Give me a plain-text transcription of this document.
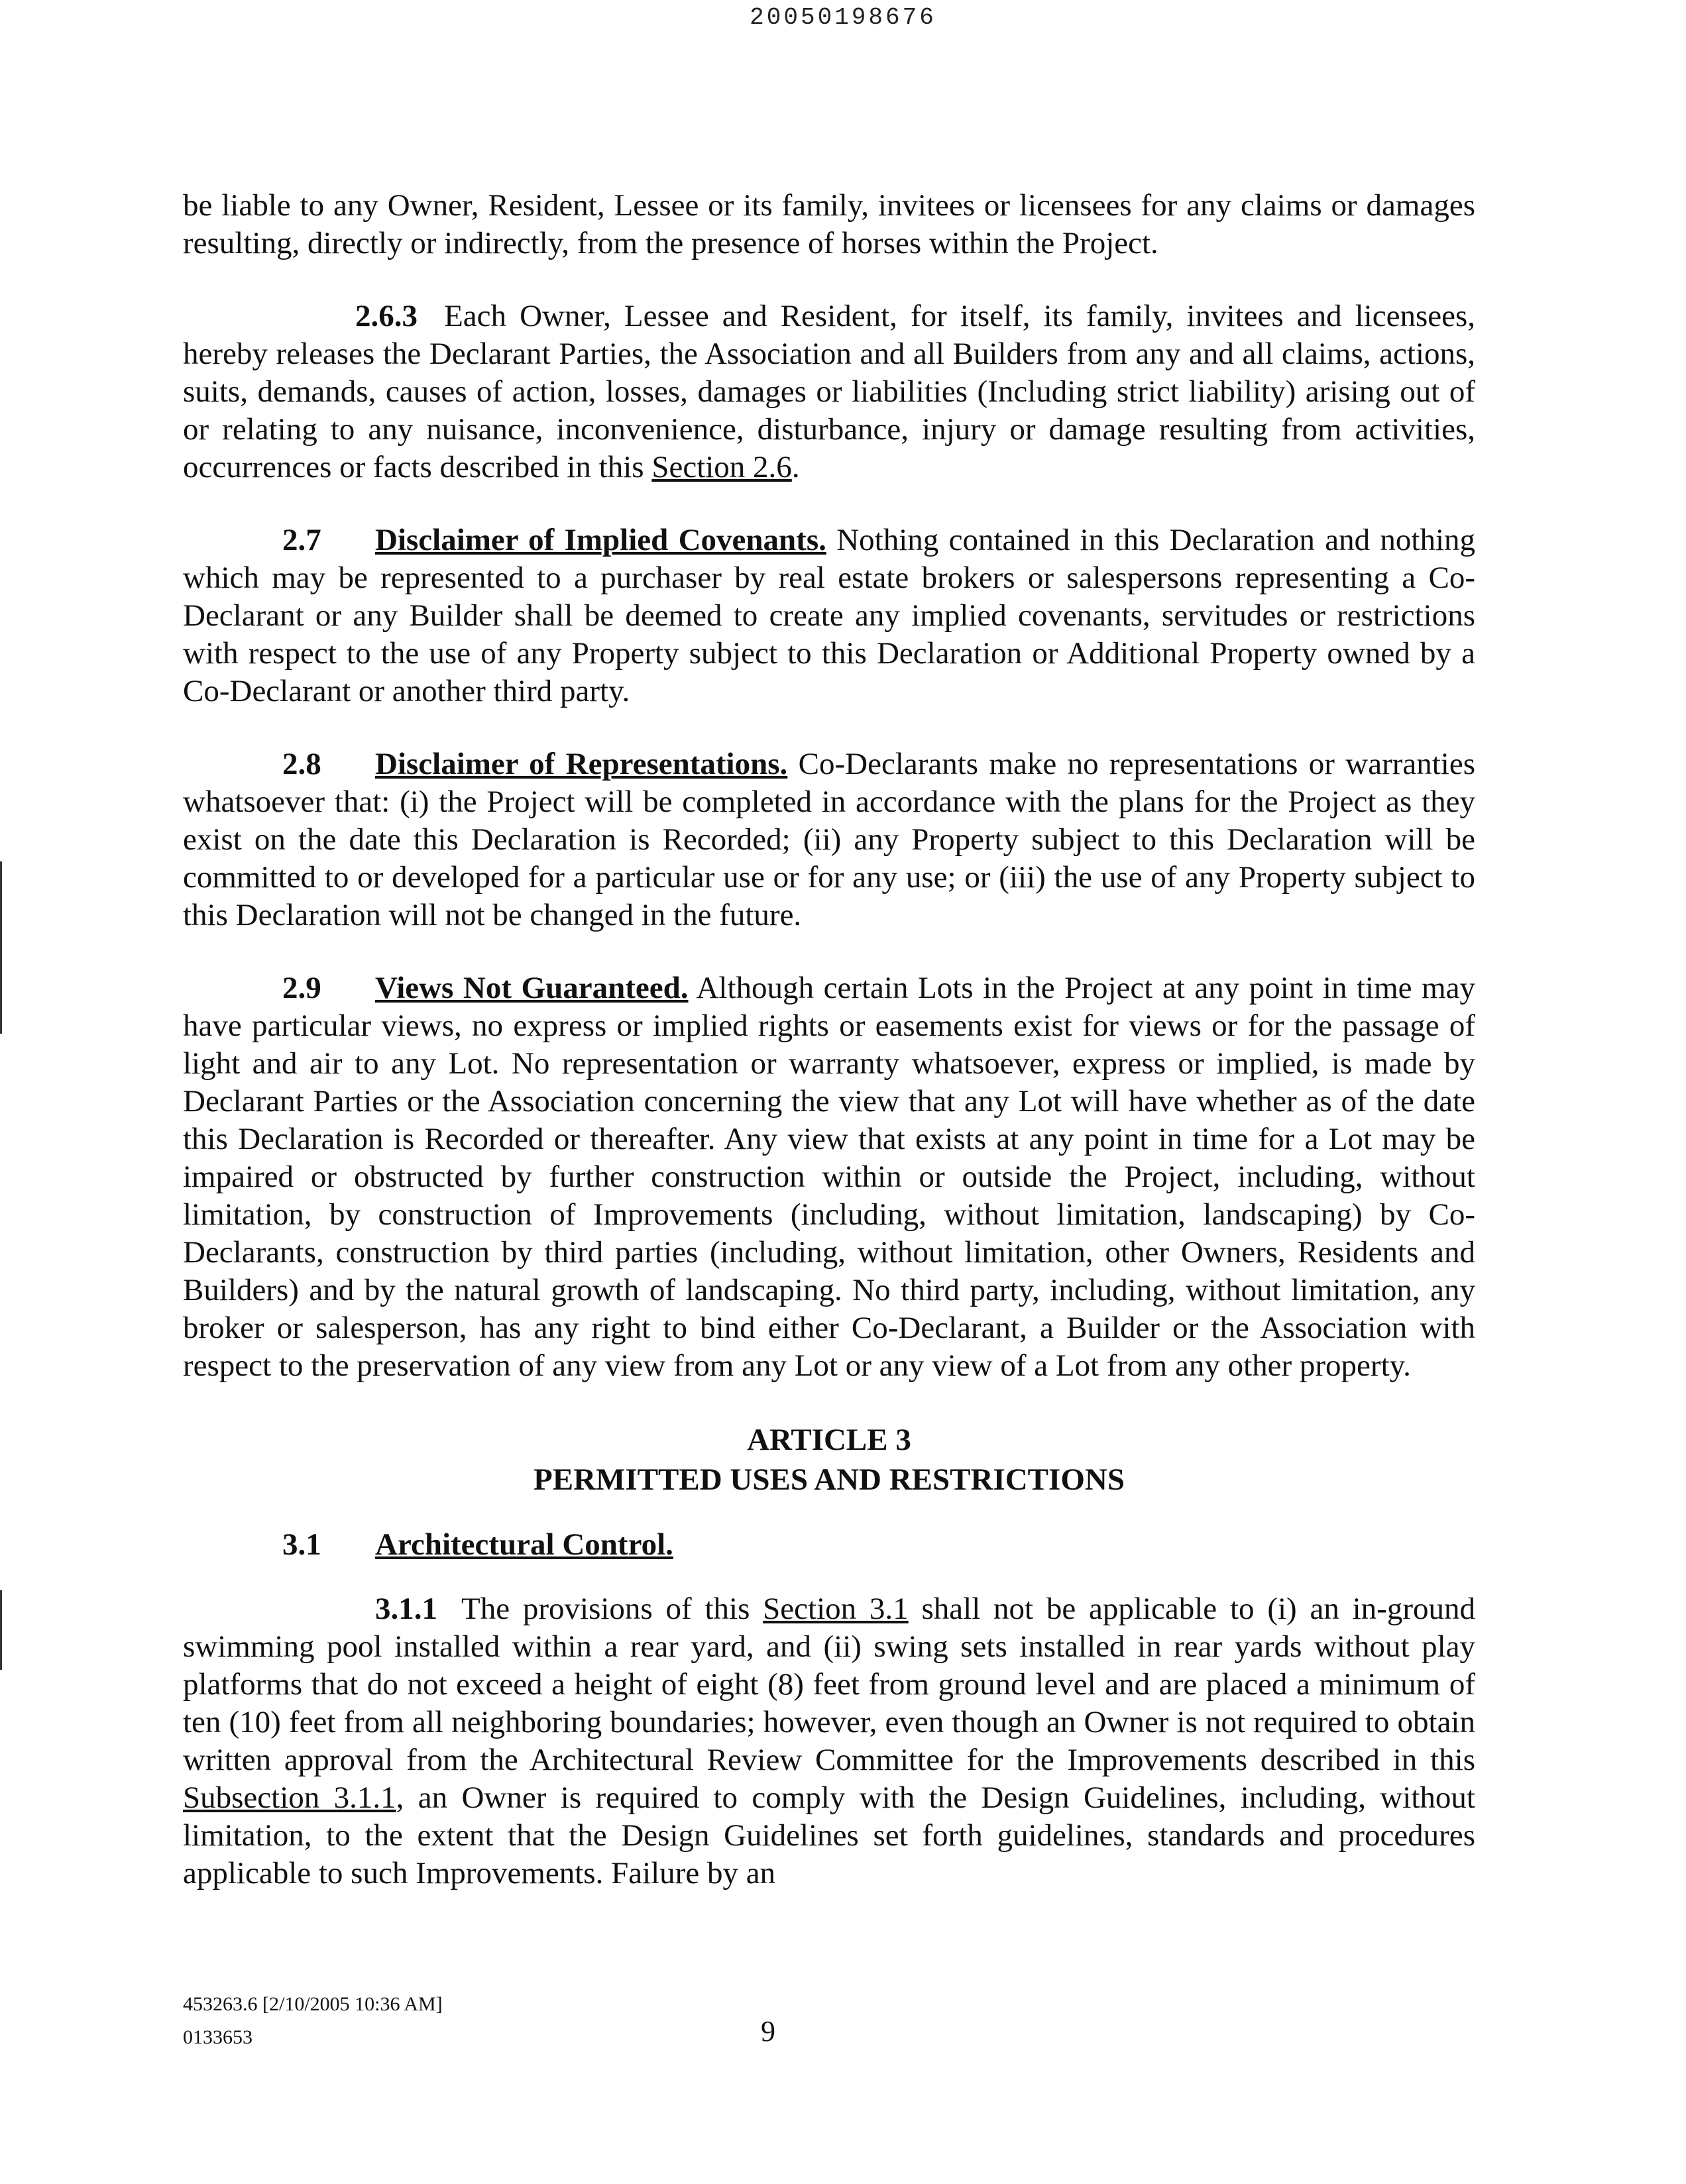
20050198676

be liable to any Owner, Resident, Lessee or its family, invitees or licensees for any claims or damages resulting, directly or indirectly, from the presence of horses within the Project.

2.6.3 Each Owner, Lessee and Resident, for itself, its family, invitees and licensees, hereby releases the Declarant Parties, the Association and all Builders from any and all claims, actions, suits, demands, causes of action, losses, damages or liabilities (Including strict liability) arising out of or relating to any nuisance, inconvenience, disturbance, injury or damage resulting from activities, occurrences or facts described in this Section 2.6.

2.7 Disclaimer of Implied Covenants. Nothing contained in this Declaration and nothing which may be represented to a purchaser by real estate brokers or salespersons representing a Co-Declarant or any Builder shall be deemed to create any implied covenants, servitudes or restrictions with respect to the use of any Property subject to this Declaration or Additional Property owned by a Co-Declarant or another third party.

2.8 Disclaimer of Representations. Co-Declarants make no representations or warranties whatsoever that: (i) the Project will be completed in accordance with the plans for the Project as they exist on the date this Declaration is Recorded; (ii) any Property subject to this Declaration will be committed to or developed for a particular use or for any use; or (iii) the use of any Property subject to this Declaration will not be changed in the future.

2.9 Views Not Guaranteed. Although certain Lots in the Project at any point in time may have particular views, no express or implied rights or easements exist for views or for the passage of light and air to any Lot. No representation or warranty whatsoever, express or implied, is made by Declarant Parties or the Association concerning the view that any Lot will have whether as of the date this Declaration is Recorded or thereafter. Any view that exists at any point in time for a Lot may be impaired or obstructed by further construction within or outside the Project, including, without limitation, by construction of Improvements (including, without limitation, landscaping) by Co-Declarants, construction by third parties (including, without limitation, other Owners, Residents and Builders) and by the natural growth of landscaping. No third party, including, without limitation, any broker or salesperson, has any right to bind either Co-Declarant, a Builder or the Association with respect to the preservation of any view from any Lot or any view of a Lot from any other property.

ARTICLE 3
PERMITTED USES AND RESTRICTIONS

3.1 Architectural Control.

3.1.1 The provisions of this Section 3.1 shall not be applicable to (i) an in-ground swimming pool installed within a rear yard, and (ii) swing sets installed in rear yards without play platforms that do not exceed a height of eight (8) feet from ground level and are placed a minimum of ten (10) feet from all neighboring boundaries; however, even though an Owner is not required to obtain written approval from the Architectural Review Committee for the Improvements described in this Subsection 3.1.1, an Owner is required to comply with the Design Guidelines, including, without limitation, to the extent that the Design Guidelines set forth guidelines, standards and procedures applicable to such Improvements. Failure by an

453263.6 [2/10/2005 10:36 AM]
0133653	9
